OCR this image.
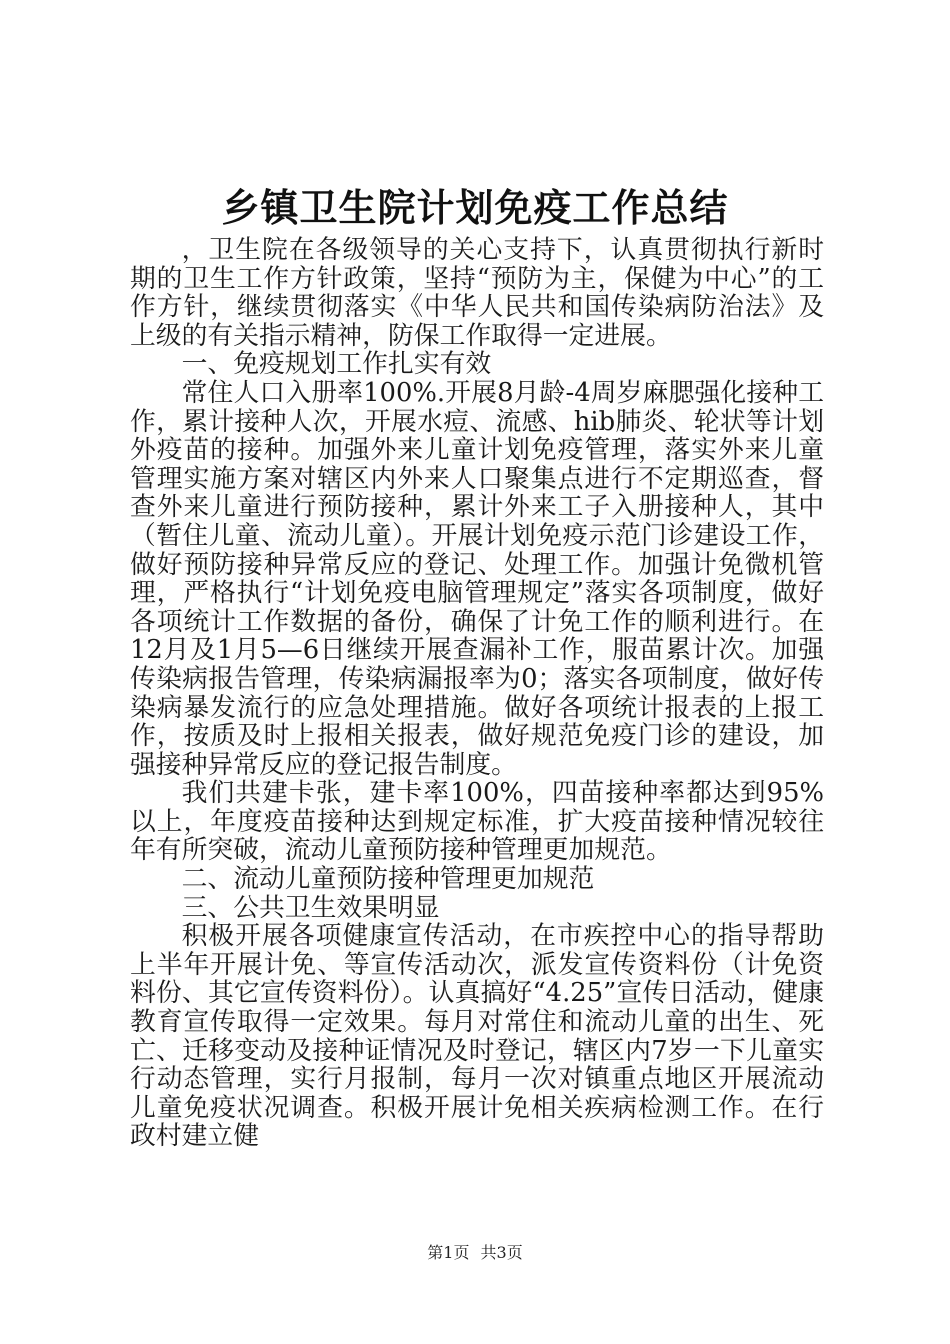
乡镇卫生院计划免疫工作总结

，卫生院在各级领导的关心支持下，认真贯彻执行新时期的卫生工作方针政策，坚持“预防为主，保健为中心”的工作方针，继续贯彻落实《中华人民共和国传染病防治法》及上级的有关指示精神，防保工作取得一定进展。

一、免疫规划工作扎实有效

常住人口入册率100%.开展8月龄-4周岁麻腮强化接种工作，累计接种人次，开展水痘、流感、hib肺炎、轮状等计划外疫苗的接种。加强外来儿童计划免疫管理，落实外来儿童管理实施方案对辖区内外来人口聚集点进行不定期巡查，督查外来儿童进行预防接种，累计外来工子入册接种人，其中（暂住儿童、流动儿童）。开展计划免疫示范门诊建设工作，做好预防接种异常反应的登记、处理工作。加强计免微机管理，严格执行“计划免疫电脑管理规定”落实各项制度，做好各项统计工作数据的备份，确保了计免工作的顺利进行。在12月及1月5—6日继续开展查漏补工作，服苗累计次。加强传染病报告管理，传染病漏报率为0；落实各项制度，做好传染病暴发流行的应急处理措施。做好各项统计报表的上报工作，按质及时上报相关报表，做好规范免疫门诊的建设，加强接种异常反应的登记报告制度。

我们共建卡张，建卡率100%，四苗接种率都达到95%以上，年度疫苗接种达到规定标准，扩大疫苗接种情况较往年有所突破，流动儿童预防接种管理更加规范。

二、流动儿童预防接种管理更加规范

三、公共卫生效果明显

积极开展各项健康宣传活动，在市疾控中心的指导帮助上半年开展计免、等宣传活动次，派发宣传资料份（计免资料份、其它宣传资料份）。认真搞好“4.25”宣传日活动，健康教育宣传取得一定效果。每月对常住和流动儿童的出生、死亡、迁移变动及接种证情况及时登记，辖区内7岁一下儿童实行动态管理，实行月报制，每月一次对镇重点地区开展流动儿童免疫状况调查。积极开展计免相关疾病检测工作。在行政村建立健

第1页 共3页
